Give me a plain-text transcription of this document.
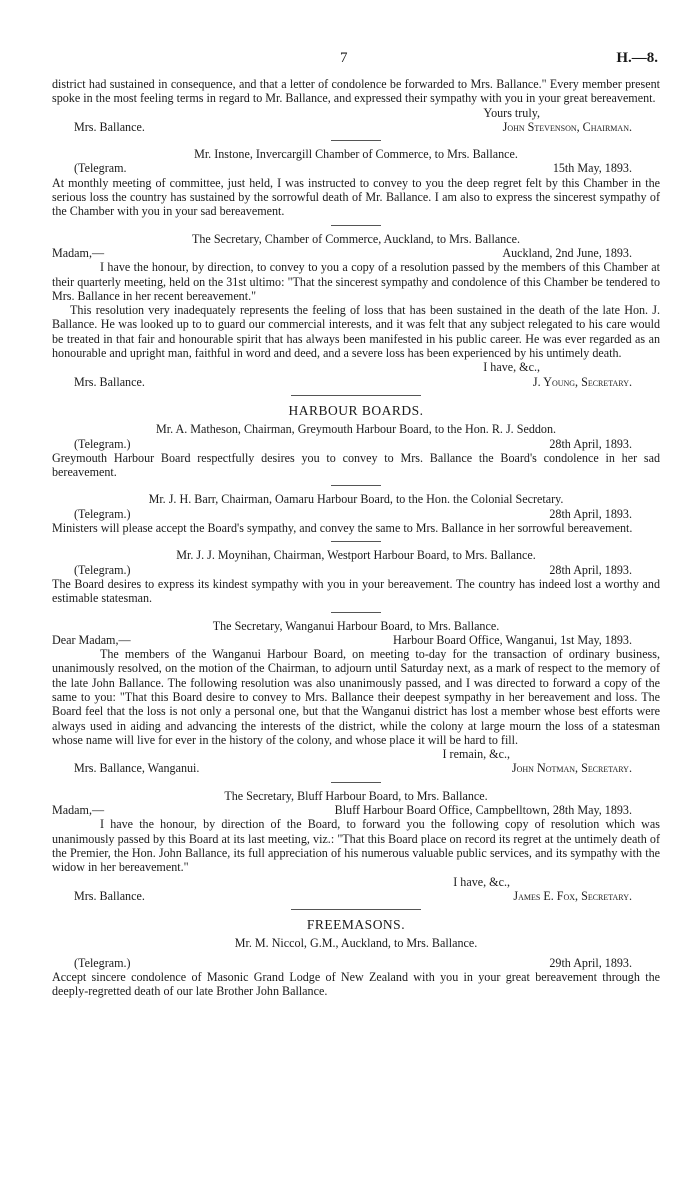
7	H.—8.

district had sustained in consequence, and that a letter of condolence be forwarded to Mrs. Ballance." Every member present spoke in the most feeling terms in regard to Mr. Ballance, and expressed their sympathy with you in your great bereavement.

Yours truly,
Mrs. Ballance.	John Stevenson, Chairman.
Mr. Instone, Invercargill Chamber of Commerce, to Mrs. Ballance.
(Telegram.	15th May, 1893.

At monthly meeting of committee, just held, I was instructed to convey to you the deep regret felt by this Chamber in the serious loss the country has sustained by the sorrowful death of Mr. Ballance. I am also to express the sincerest sympathy of the Chamber with you in your sad bereavement.

The Secretary, Chamber of Commerce, Auckland, to Mrs. Ballance.
Madam,—	Auckland, 2nd June, 1893.

I have the honour, by direction, to convey to you a copy of a resolution passed by the members of this Chamber at their quarterly meeting, held on the 31st ultimo: "That the sincerest sympathy and condolence of this Chamber be tendered to Mrs. Ballance in her recent bereavement."

This resolution very inadequately represents the feeling of loss that has been sustained in the death of the late Hon. J. Ballance. He was looked up to to guard our commercial interests, and it was felt that any subject relegated to his care would be treated in that fair and honourable spirit that has always been manifested in his public career. He was ever regarded as an honourable and upright man, faithful in word and deed, and a severe loss has been experienced by his untimely death.

I have, &c.,
Mrs. Ballance.	J. Young, Secretary.
HARBOUR BOARDS.
Mr. A. Matheson, Chairman, Greymouth Harbour Board, to the Hon. R. J. Seddon.
(Telegram.)	28th April, 1893.

Greymouth Harbour Board respectfully desires you to convey to Mrs. Ballance the Board's condolence in her sad bereavement.

Mr. J. H. Barr, Chairman, Oamaru Harbour Board, to the Hon. the Colonial Secretary.
(Telegram.)	28th April, 1893.

Ministers will please accept the Board's sympathy, and convey the same to Mrs. Ballance in her sorrowful bereavement.

Mr. J. J. Moynihan, Chairman, Westport Harbour Board, to Mrs. Ballance.
(Telegram.)	28th April, 1893.

The Board desires to express its kindest sympathy with you in your bereavement. The country has indeed lost a worthy and estimable statesman.

The Secretary, Wanganui Harbour Board, to Mrs. Ballance.
Dear Madam,—	Harbour Board Office, Wanganui, 1st May, 1893.

The members of the Wanganui Harbour Board, on meeting to-day for the transaction of ordinary business, unanimously resolved, on the motion of the Chairman, to adjourn until Saturday next, as a mark of respect to the memory of the late John Ballance. The following resolution was also unanimously passed, and I was directed to forward a copy of the same to you: "That this Board desire to convey to Mrs. Ballance their deepest sympathy in her bereavement and loss. The Board feel that the loss is not only a personal one, but that the Wanganui district has lost a member whose best efforts were always used in aiding and advancing the interests of the district, while the colony at large mourn the loss of a statesman whose name will live for ever in the history of the colony, and whose place it will be hard to fill.

I remain, &c.,
Mrs. Ballance, Wanganui.	John Notman, Secretary.
The Secretary, Bluff Harbour Board, to Mrs. Ballance.
Madam,—	Bluff Harbour Board Office, Campbelltown, 28th May, 1893.

I have the honour, by direction of the Board, to forward you the following copy of resolution which was unanimously passed by this Board at its last meeting, viz.: "That this Board place on record its regret at the untimely death of the Premier, the Hon. John Ballance, its full appreciation of his numerous valuable public services, and its sympathy with the widow in her bereavement."

I have, &c.,
Mrs. Ballance.	James E. Fox, Secretary.
FREEMASONS.
Mr. M. Niccol, G.M., Auckland, to Mrs. Ballance.
(Telegram.)	29th April, 1893.

Accept sincere condolence of Masonic Grand Lodge of New Zealand with you in your great bereavement through the deeply-regretted death of our late Brother John Ballance.
